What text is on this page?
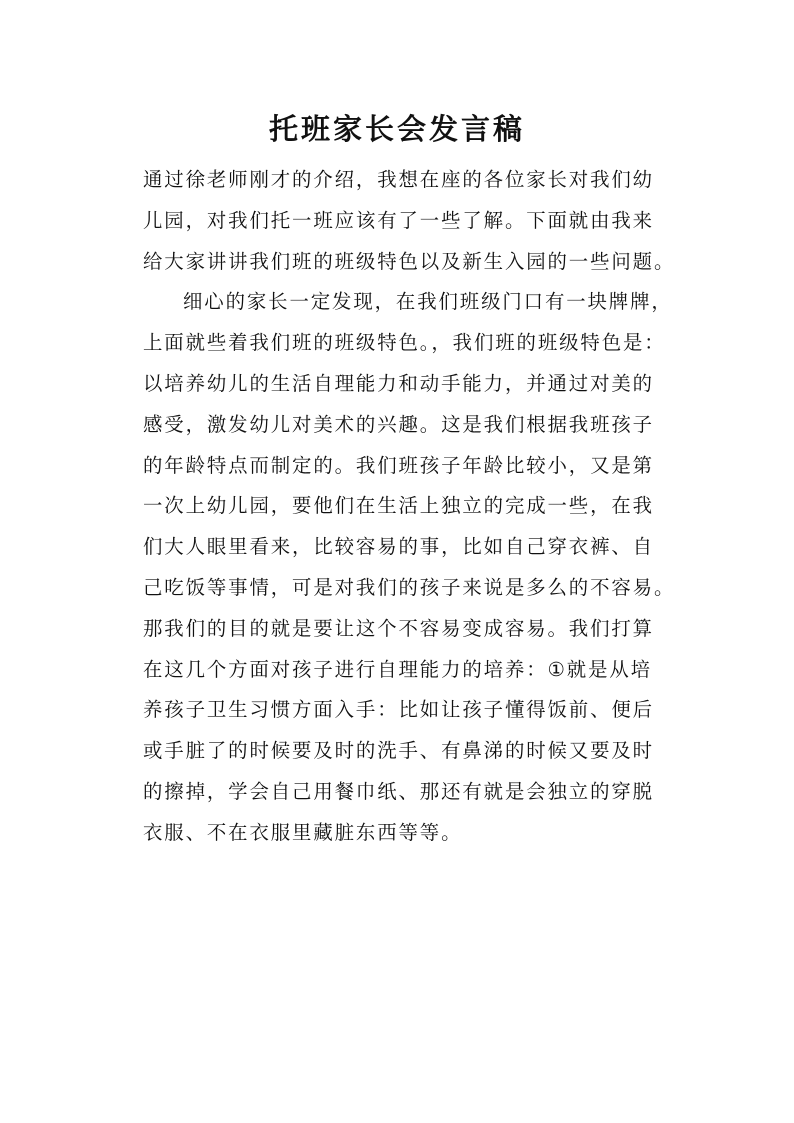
托班家长会发言稿
通过徐老师刚才的介绍，我想在座的各位家长对我们幼
儿园，对我们托一班应该有了一些了解。下面就由我来
给大家讲讲我们班的班级特色以及新生入园的一些问题。
细心的家长一定发现，在我们班级门口有一块牌牌，
上面就些着我们班的班级特色。，我们班的班级特色是：
以培养幼儿的生活自理能力和动手能力，并通过对美的
感受，激发幼儿对美术的兴趣。这是我们根据我班孩子
的年龄特点而制定的。我们班孩子年龄比较小，又是第
一次上幼儿园，要他们在生活上独立的完成一些，在我
们大人眼里看来，比较容易的事，比如自己穿衣裤、自
己吃饭等事情，可是对我们的孩子来说是多么的不容易。
那我们的目的就是要让这个不容易变成容易。我们打算
在这几个方面对孩子进行自理能力的培养：①就是从培
养孩子卫生习惯方面入手：比如让孩子懂得饭前、便后
或手脏了的时候要及时的洗手、有鼻涕的时候又要及时
的擦掉，学会自己用餐巾纸、那还有就是会独立的穿脱
衣服、不在衣服里藏脏东西等等。
